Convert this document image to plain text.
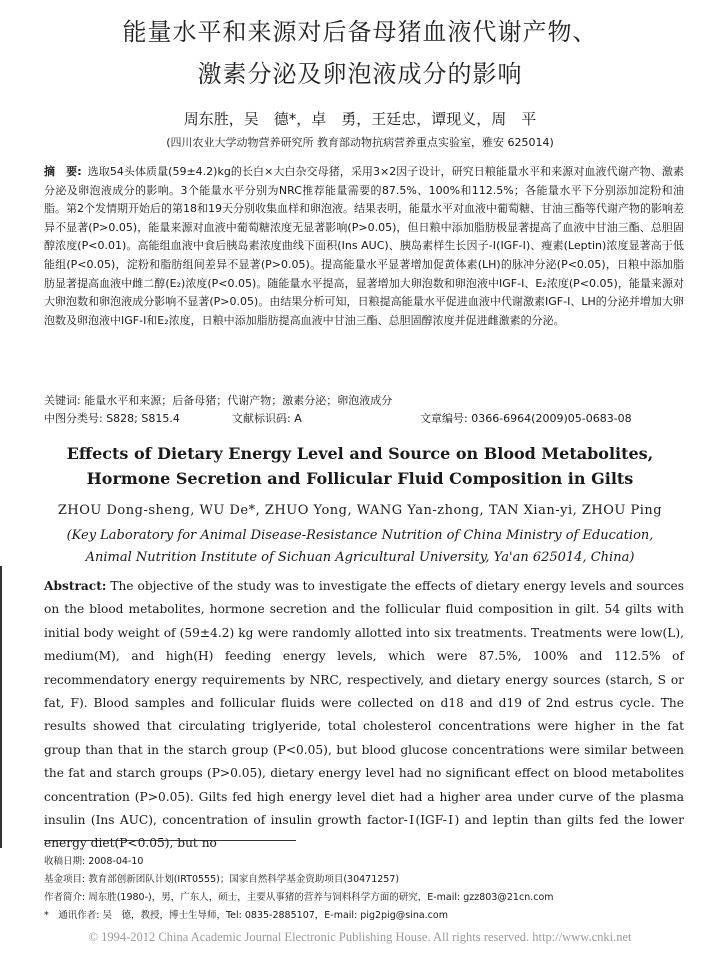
能量水平和来源对后备母猪血液代谢产物、
激素分泌及卵泡液成分的影响
周东胜，吴　德*，卓　勇，王廷忠，谭现义，周　平
(四川农业大学动物营养研究所 教育部动物抗病营养重点实验室，雅安 625014)
摘　要: 选取54头体质量(59±4.2)kg的长白×大白杂交母猪，采用3×2因子设计，研究日粮能量水平和来源对血液代谢产物、激素分泌及卵泡液成分的影响。3个能量水平分别为NRC推荐能量需要的87.5%、100%和112.5%；各能量水平下分别添加淀粉和油脂。第2个发情期开始后的第18和19天分别收集血样和卵泡液。结果表明，能量水平对血液中葡萄糖、甘油三酯等代谢产物的影响差异不显著(P>0.05)，能量来源对血液中葡萄糖浓度无显著影响(P>0.05)，但日粮中添加脂肪极显著提高了血液中甘油三酯、总胆固醇浓度(P<0.01)。高能组血液中食后胰岛素浓度曲线下面积(Ins AUC)、胰岛素样生长因子-Ⅰ(IGF-Ⅰ)、瘦素(Leptin)浓度显著高于低能组(P<0.05)，淀粉和脂肪组间差异不显著(P>0.05)。提高能量水平显著增加促黄体素(LH)的脉冲分泌(P<0.05)，日粮中添加脂肪显著提高血液中雌二醇(E₂)浓度(P<0.05)。随能量水平提高，显著增加大卵泡数和卵泡液中IGF-Ⅰ、E₂浓度(P<0.05)，能量来源对大卵泡数和卵泡液成分影响不显著(P>0.05)。由结果分析可知，日粮提高能量水平促进血液中代谢激素IGF-Ⅰ、LH的分泌并增加大卵泡数及卵泡液中IGF-Ⅰ和E₂浓度，日粮中添加脂肪提高血液中甘油三酯、总胆固醇浓度并促进雌激素的分泌。
关键词: 能量水平和来源；后备母猪；代谢产物；激素分泌；卵泡液成分
中图分类号: S828; S815.4	文献标识码: A	文章编号: 0366-6964(2009)05-0683-08
Effects of Dietary Energy Level and Source on Blood Metabolites,
Hormone Secretion and Follicular Fluid Composition in Gilts
ZHOU Dong-sheng, WU De*, ZHUO Yong, WANG Yan-zhong, TAN Xian-yi, ZHOU Ping
(Key Laboratory for Animal Disease-Resistance Nutrition of China Ministry of Education,
Animal Nutrition Institute of Sichuan Agricultural University, Ya'an 625014, China)
Abstract: The objective of the study was to investigate the effects of dietary energy levels and sources on the blood metabolites, hormone secretion and the follicular fluid composition in gilt. 54 gilts with initial body weight of (59±4.2) kg were randomly allotted into six treatments. Treatments were low(L), medium(M), and high(H) feeding energy levels, which were 87.5%, 100% and 112.5% of recommendatory energy requirements by NRC, respectively, and dietary energy sources (starch, S or fat, F). Blood samples and follicular fluids were collected on d18 and d19 of 2nd estrus cycle. The results showed that circulating triglyeride, total cholesterol concentrations were higher in the fat group than that in the starch group (P<0.05), but blood glucose concentrations were similar between the fat and starch groups (P>0.05), dietary energy level had no significant effect on blood metabolites concentration (P>0.05). Gilts fed high energy level diet had a higher area under curve of the plasma insulin (Ins AUC), concentration of insulin growth factor-Ⅰ(IGF-Ⅰ) and leptin than gilts fed the lower energy diet(P<0.05), but no
收稿日期: 2008-04-10
基金项目: 教育部创新团队计划(IRT0555)；国家自然科学基金资助项目(30471257)
作者简介: 周东胜(1980-)，男，广东人，硕士，主要从事猪的营养与饲料科学方面的研究，E-mail: gzz803@21cn.com
*　通讯作者: 吴　德，教授，博士生导师，Tel: 0835-2885107，E-mail: pig2pig@sina.com
© 1994-2012 China Academic Journal Electronic Publishing House. All rights reserved. http://www.cnki.net
